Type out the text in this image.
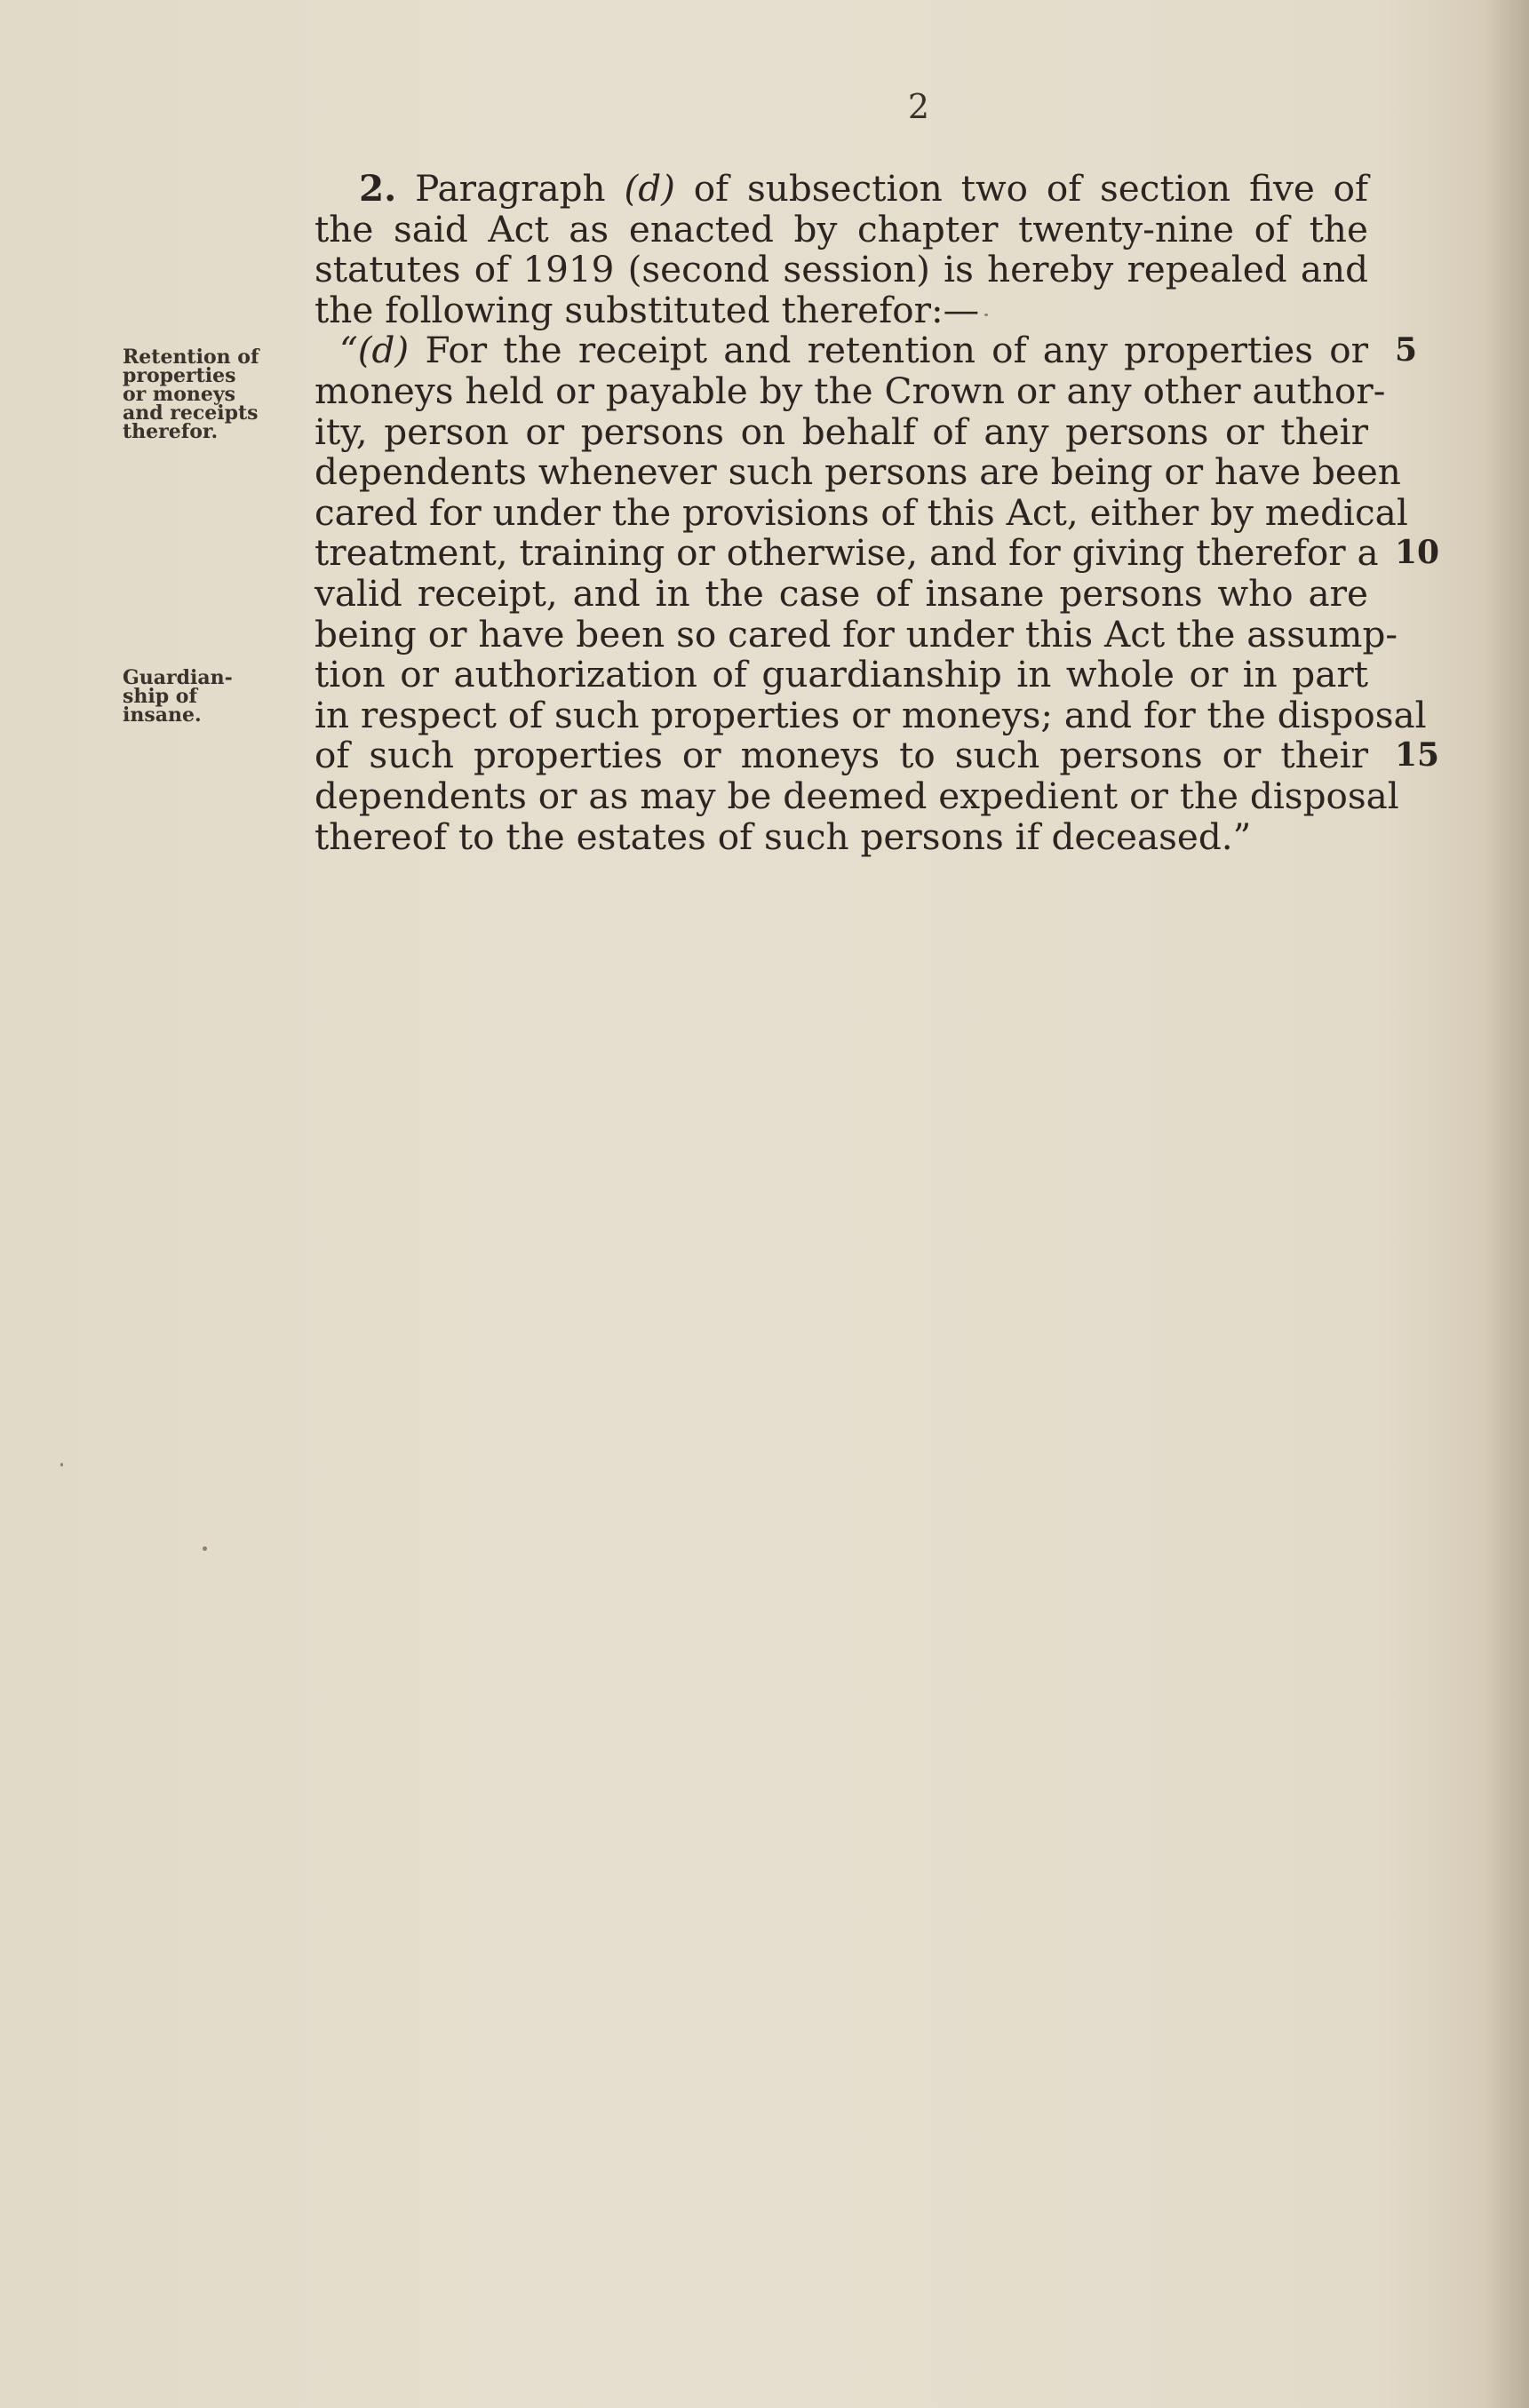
2
Retention of
properties
or moneys
and receipts
therefor.
Guardian-
ship of
insane.
2. Paragraph (d) of subsection two of section five of
the said Act as enacted by chapter twenty-nine of the
statutes of 1919 (second session) is hereby repealed and
the following substituted therefor:—
“(d) For the receipt and retention of any properties or
moneys held or payable by the Crown or any other author-
ity, person or persons on behalf of any persons or their
dependents whenever such persons are being or have been
cared for under the provisions of this Act, either by medical
treatment, training or otherwise, and for giving therefor a
valid receipt, and in the case of insane persons who are
being or have been so cared for under this Act the assump-
tion or authorization of guardianship in whole or in part
in respect of such properties or moneys; and for the disposal
of such properties or moneys to such persons or their
dependents or as may be deemed expedient or the disposal
thereof to the estates of such persons if deceased.”
5
10
15
